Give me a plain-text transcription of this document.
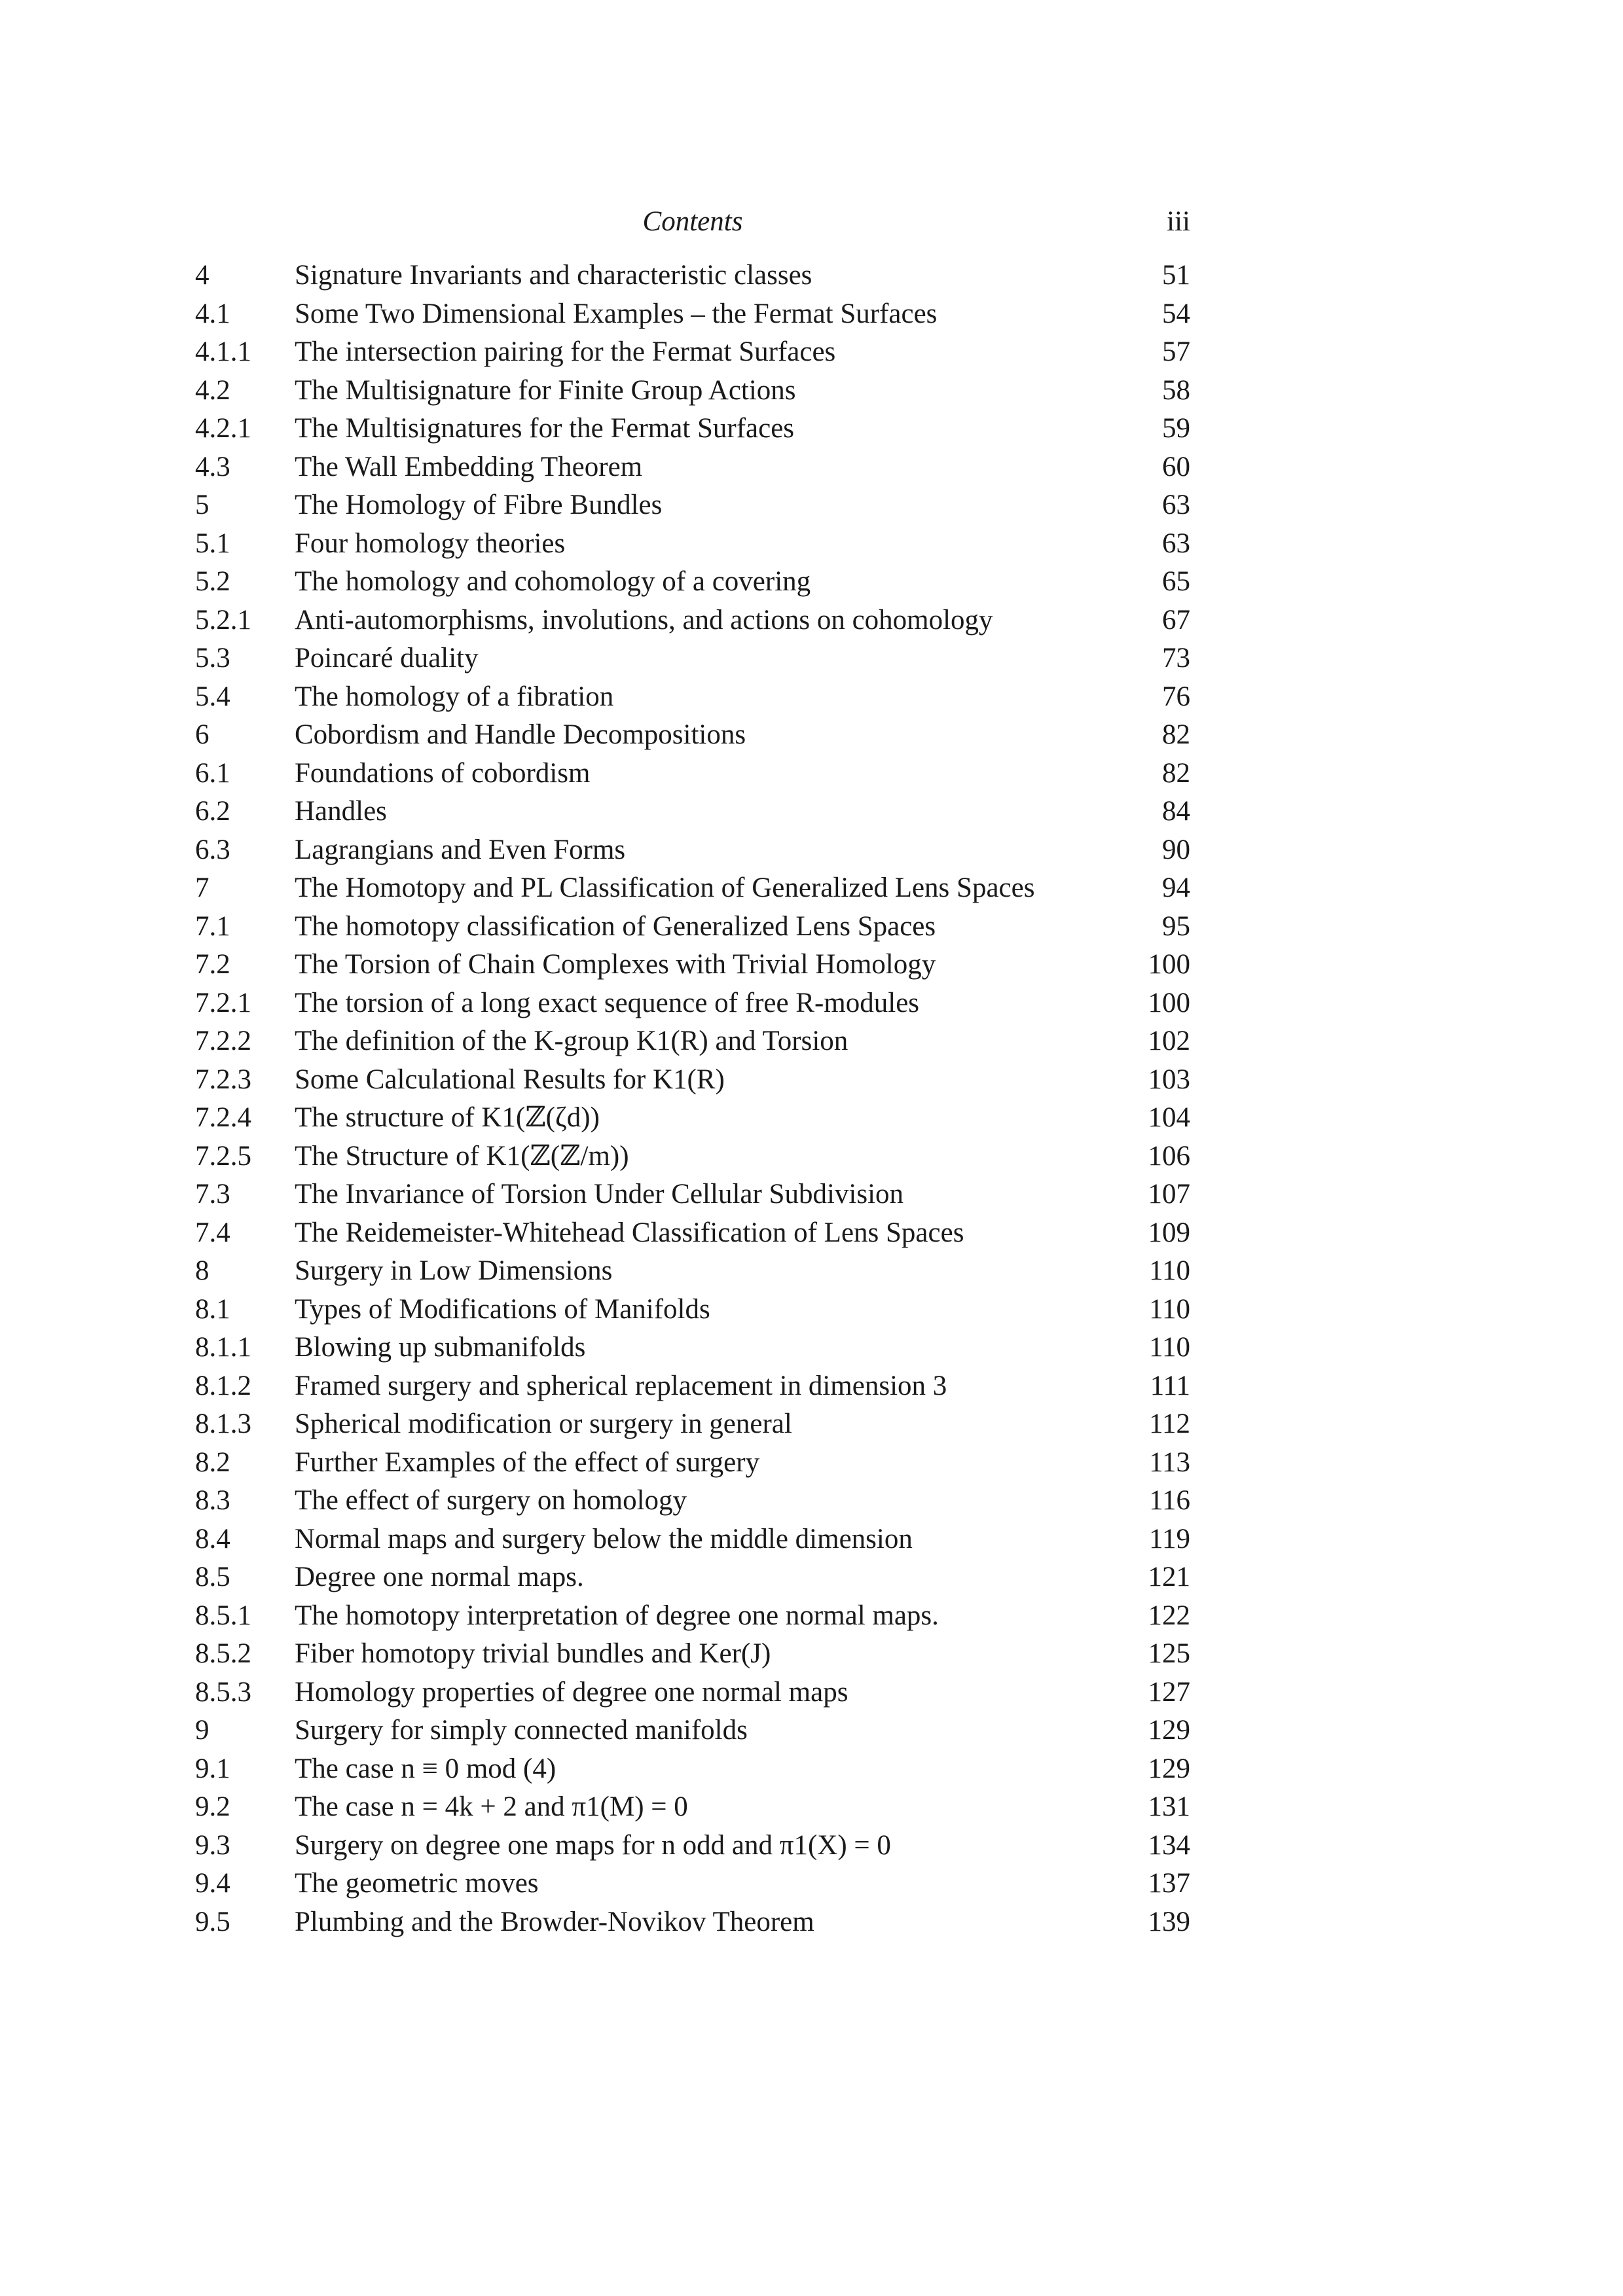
Contents	iii
4	Signature Invariants and characteristic classes	51
4.1 Some Two Dimensional Examples – the Fermat Surfaces	54
4.1.1 The intersection pairing for the Fermat Surfaces	57
4.2 The Multisignature for Finite Group Actions	58
4.2.1 The Multisignatures for the Fermat Surfaces	59
4.3 The Wall Embedding Theorem	60
5	The Homology of Fibre Bundles	63
5.1 Four homology theories	63
5.2 The homology and cohomology of a covering	65
5.2.1 Anti-automorphisms, involutions, and actions on cohomology	67
5.3 Poincaré duality	73
5.4 The homology of a fibration	76
6	Cobordism and Handle Decompositions	82
6.1 Foundations of cobordism	82
6.2 Handles	84
6.3 Lagrangians and Even Forms	90
7	The Homotopy and PL Classification of Generalized Lens Spaces	94
7.1 The homotopy classification of Generalized Lens Spaces	95
7.2 The Torsion of Chain Complexes with Trivial Homology	100
7.2.1 The torsion of a long exact sequence of free R-modules	100
7.2.2 The definition of the K-group K1(R) and Torsion	102
7.2.3 Some Calculational Results for K1(R)	103
7.2.4 The structure of K1(ℤ(ζd))	104
7.2.5 The Structure of K1(ℤ(ℤ/m))	106
7.3 The Invariance of Torsion Under Cellular Subdivision	107
7.4 The Reidemeister-Whitehead Classification of Lens Spaces	109
8	Surgery in Low Dimensions	110
8.1 Types of Modifications of Manifolds	110
8.1.1 Blowing up submanifolds	110
8.1.2 Framed surgery and spherical replacement in dimension 3	111
8.1.3 Spherical modification or surgery in general	112
8.2 Further Examples of the effect of surgery	113
8.3 The effect of surgery on homology	116
8.4 Normal maps and surgery below the middle dimension	119
8.5 Degree one normal maps.	121
8.5.1 The homotopy interpretation of degree one normal maps.	122
8.5.2 Fiber homotopy trivial bundles and Ker(J)	125
8.5.3 Homology properties of degree one normal maps	127
9	Surgery for simply connected manifolds	129
9.1 The case n ≡ 0 mod (4)	129
9.2 The case n = 4k + 2 and π1(M) = 0	131
9.3 Surgery on degree one maps for n odd and π1(X) = 0	134
9.4 The geometric moves	137
9.5 Plumbing and the Browder-Novikov Theorem	139
